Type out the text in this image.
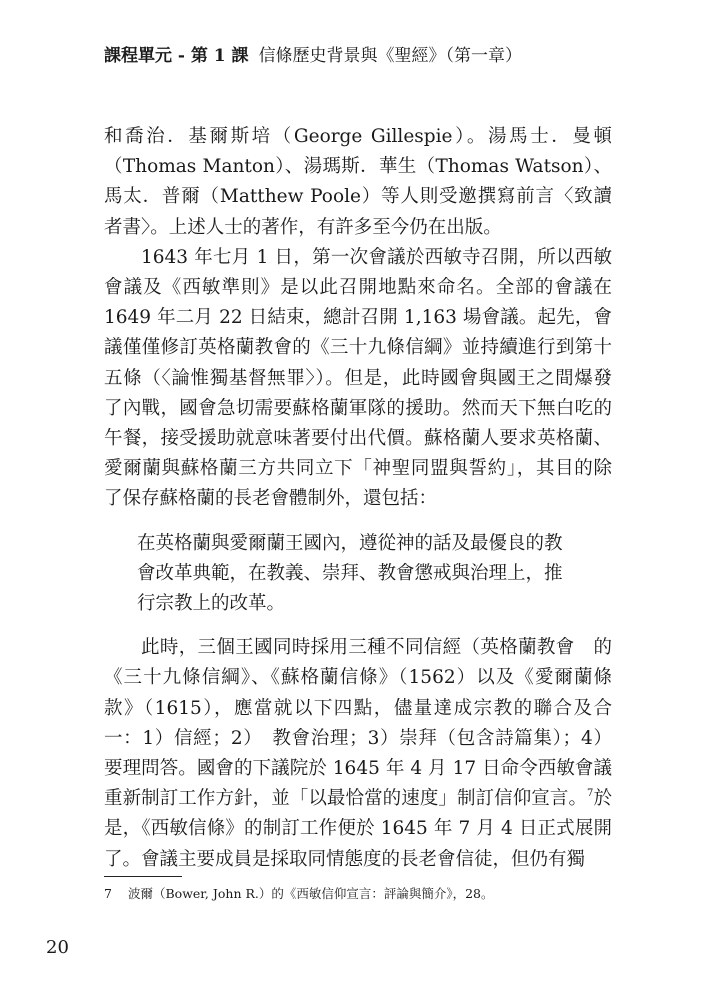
課程單元 - 第 1 課 信條歷史背景與《聖經》（第一章）

和喬治．基爾斯培（George Gillespie）。湯馬士．曼頓（Thomas Manton）、湯瑪斯．華生（Thomas Watson）、馬太．普爾（Matthew Poole）等人則受邀撰寫前言〈致讀者書〉。上述人士的著作，有許多至今仍在出版。

1643 年七月 1 日，第一次會議於西敏寺召開，所以西敏會議及《西敏準則》是以此召開地點來命名。全部的會議在 1649 年二月 22 日結束，總計召開 1,163 場會議。起先，會議僅僅修訂英格蘭教會的《三十九條信綱》並持續進行到第十五條（〈論惟獨基督無罪〉）。但是，此時國會與國王之間爆發了內戰，國會急切需要蘇格蘭軍隊的援助。然而天下無白吃的午餐，接受援助就意味著要付出代價。蘇格蘭人要求英格蘭、愛爾蘭與蘇格蘭三方共同立下「神聖同盟與誓約」，其目的除了保存蘇格蘭的長老會體制外，還包括：

在英格蘭與愛爾蘭王國內，遵從神的話及最優良的教會改革典範，在教義、崇拜、教會懲戒與治理上，推行宗教上的改革。

此時，三個王國同時採用三種不同信經（英格蘭教會　的《三十九條信綱》、《蘇格蘭信條》（1562）以及《愛爾蘭條款》（1615），應當就以下四點，儘量達成宗教的聯合及合一：1）信經；2）　教會治理；3）崇拜（包含詩篇集）；4）要理問答。國會的下議院於 1645 年 4 月 17 日命令西敏會議重新制訂工作方針，並「以最恰當的速度」制訂信仰宣言。$^7$於是，《西敏信條》的制訂工作便於 1645 年 7 月 4 日正式展開了。會議主要成員是採取同情態度的長老會信徒，但仍有獨

7 波爾（Bower, John R.）的《西敏信仰宣言：評論與簡介》，28。
20
